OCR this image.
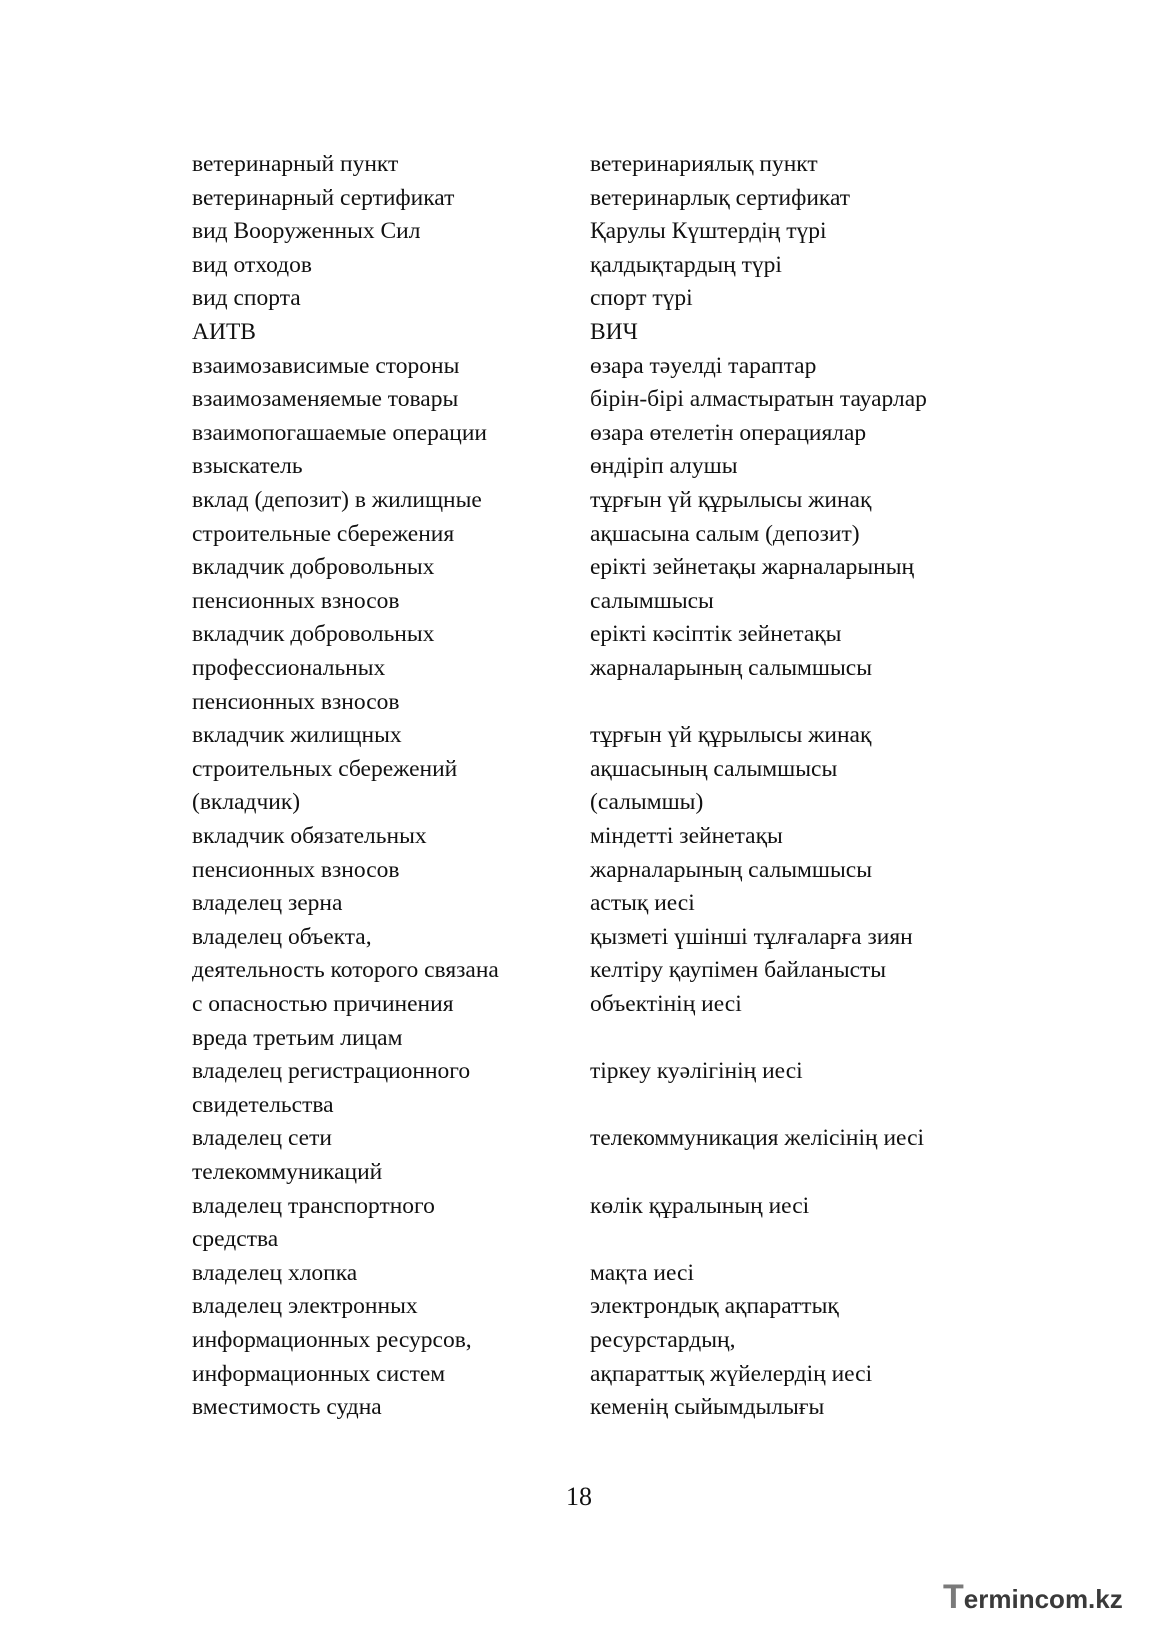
ветеринарный пункт
ветеринарный сертификат
вид Вооруженных Сил
вид отходов
вид спорта
АИТВ
взаимозависимые стороны
взаимозаменяемые товары
взаимопогашаемые операции
взыскатель
вклад (депозит) в жилищные
строительные сбережения
вкладчик добровольных
пенсионных взносов
вкладчик добровольных
профессиональных
пенсионных взносов
вкладчик жилищных
строительных сбережений
(вкладчик)
вкладчик обязательных
пенсионных взносов
владелец зерна
владелец объекта,
деятельность которого связана
с опасностью причинения
вреда третьим лицам
владелец регистрационного
свидетельства
владелец сети
телекоммуникаций
владелец транспортного
средства
владелец хлопка
владелец электронных
информационных ресурсов,
информационных систем
вместимость судна
ветеринариялық пункт
ветеринарлық сертификат
Қарулы Күштердің түрі
қалдықтардың түрі
спорт түрі
ВИЧ
өзара тәуелді тараптар
бірін-бірі алмастыратын тауарлар
өзара өтелетін операциялар
өндіріп алушы
тұрғын үй құрылысы жинақ
ақшасына салым (депозит)
ерікті зейнетақы жарналарының
салымшысы
ерікті кәсіптік зейнетақы
жарналарының салымшысы
тұрғын үй құрылысы жинақ
ақшасының салымшысы
(салымшы)
міндетті зейнетақы
жарналарының салымшысы
астық иесі
қызметі үшінші тұлғаларға зиян
келтіру қаупімен байланысты
объектінің иесі
тіркеу куәлігінің иесі
телекоммуникация желісінің иесі
көлік құралының иесі
мақта иесі
электрондық ақпараттық
ресурстардың,
ақпараттық жүйелердің иесі
кеменің сыйымдылығы
18
Termincom.kz
